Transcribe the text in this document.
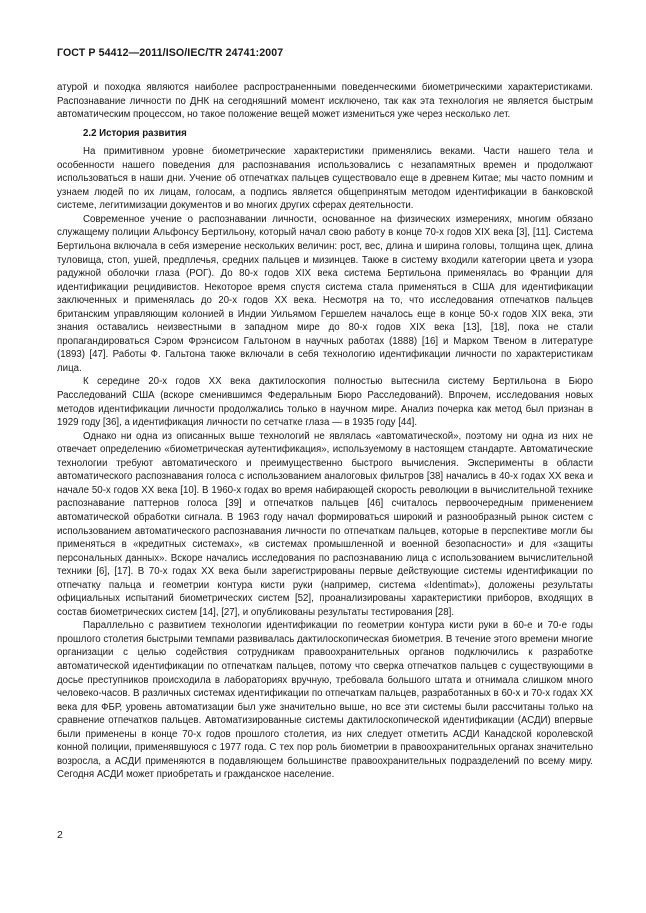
ГОСТ Р 54412—2011/ISO/IEC/TR 24741:2007

атурой и походка являются наиболее распространенными поведенческими биометрическими характеристиками. Распознавание личности по ДНК на сегодняшний момент исключено, так как эта технология не является быстрым автоматическим процессом, но такое положение вещей может измениться уже через несколько лет.

2.2 История развития

На примитивном уровне биометрические характеристики применялись веками. Части нашего тела и особенности нашего поведения для распознавания использовались с незапамятных времен и продолжают использоваться в наши дни. Учение об отпечатках пальцев существовало еще в древнем Китае; мы часто помним и узнаем людей по их лицам, голосам, а подпись является общепринятым методом идентификации в банковской системе, легитимизации документов и во многих других сферах деятельности.

Современное учение о распознавании личности, основанное на физических измерениях, многим обязано служащему полиции Альфонсу Бертильону, который начал свою работу в конце 70-х годов XIX века [3], [11]. Система Бертильона включала в себя измерение нескольких величин: рост, вес, длина и ширина головы, толщина щек, длина туловища, стоп, ушей, предплечья, средних пальцев и мизинцев. Также в систему входили категории цвета и узора радужной оболочки глаза (РОГ). До 80-х годов XIX века система Бертильона применялась во Франции для идентификации рецидивистов. Некоторое время спустя система стала применяться в США для идентификации заключенных и применялась до 20-х годов XX века. Несмотря на то, что исследования отпечатков пальцев британским управляющим колонией в Индии Уильямом Гершелем началось еще в конце 50-х годов XIX века, эти знания оставались неизвестными в западном мире до 80-х годов XIX века [13], [18], пока не стали пропагандироваться Сэром Фрэнсисом Гальтоном в научных работах (1888) [16] и Марком Твеном в литературе (1893) [47]. Работы Ф. Гальтона также включали в себя технологию идентификации личности по характеристикам лица.

К середине 20-х годов XX века дактилоскопия полностью вытеснила систему Бертильона в Бюро Расследований США (вскоре сменившимся Федеральным Бюро Расследований). Впрочем, исследования новых методов идентификации личности продолжались только в научном мире. Анализ почерка как метод был признан в 1929 году [36], а идентификация личности по сетчатке глаза — в 1935 году [44].

Однако ни одна из описанных выше технологий не являлась «автоматической», поэтому ни одна из них не отвечает определению «биометрическая аутентификация», используемому в настоящем стандарте. Автоматические технологии требуют автоматического и преимущественно быстрого вычисления. Эксперименты в области автоматического распознавания голоса с использованием аналоговых фильтров [38] начались в 40-х годах XX века и начале 50-х годов XX века [10]. В 1960-х годах во время набирающей скорость революции в вычислительной технике распознавание паттернов голоса [39] и отпечатков пальцев [46] считалось первоочередным применением автоматической обработки сигнала. В 1963 году начал формироваться широкий и разнообразный рынок систем с использованием автоматического распознавания личности по отпечаткам пальцев, которые в перспективе могли бы применяться в «кредитных системах», «в системах промышленной и военной безопасности» и для «защиты персональных данных». Вскоре начались исследования по распознаванию лица с использованием вычислительной техники [6], [17]. В 70-х годах XX века были зарегистрированы первые действующие системы идентификации по отпечатку пальца и геометрии контура кисти руки (например, система «Identimat»), доложены результаты официальных испытаний биометрических систем [52], проанализированы характеристики приборов, входящих в состав биометрических систем [14], [27], и опубликованы результаты тестирования [28].

Параллельно с развитием технологии идентификации по геометрии контура кисти руки в 60-е и 70-е годы прошлого столетия быстрыми темпами развивалась дактилоскопическая биометрия. В течение этого времени многие организации с целью содействия сотрудникам правоохранительных органов подключились к разработке автоматической идентификации по отпечаткам пальцев, потому что сверка отпечатков пальцев с существующими в досье преступников происходила в лабораториях вручную, требовала большого штата и отнимала слишком много человеко-часов. В различных системах идентификации по отпечаткам пальцев, разработанных в 60-х и 70-х годах XX века для ФБР, уровень автоматизации был уже значительно выше, но все эти системы были рассчитаны только на сравнение отпечатков пальцев. Автоматизированные системы дактилоскопической идентификации (АСДИ) впервые были применены в конце 70-х годов прошлого столетия, из них следует отметить АСДИ Канадской королевской конной полиции, применявшуюся с 1977 года. С тех пор роль биометрии в правоохранительных органах значительно возросла, а АСДИ применяются в подавляющем большинстве правоохранительных подразделений по всему миру. Сегодня АСДИ может приобретать и гражданское население.

2
